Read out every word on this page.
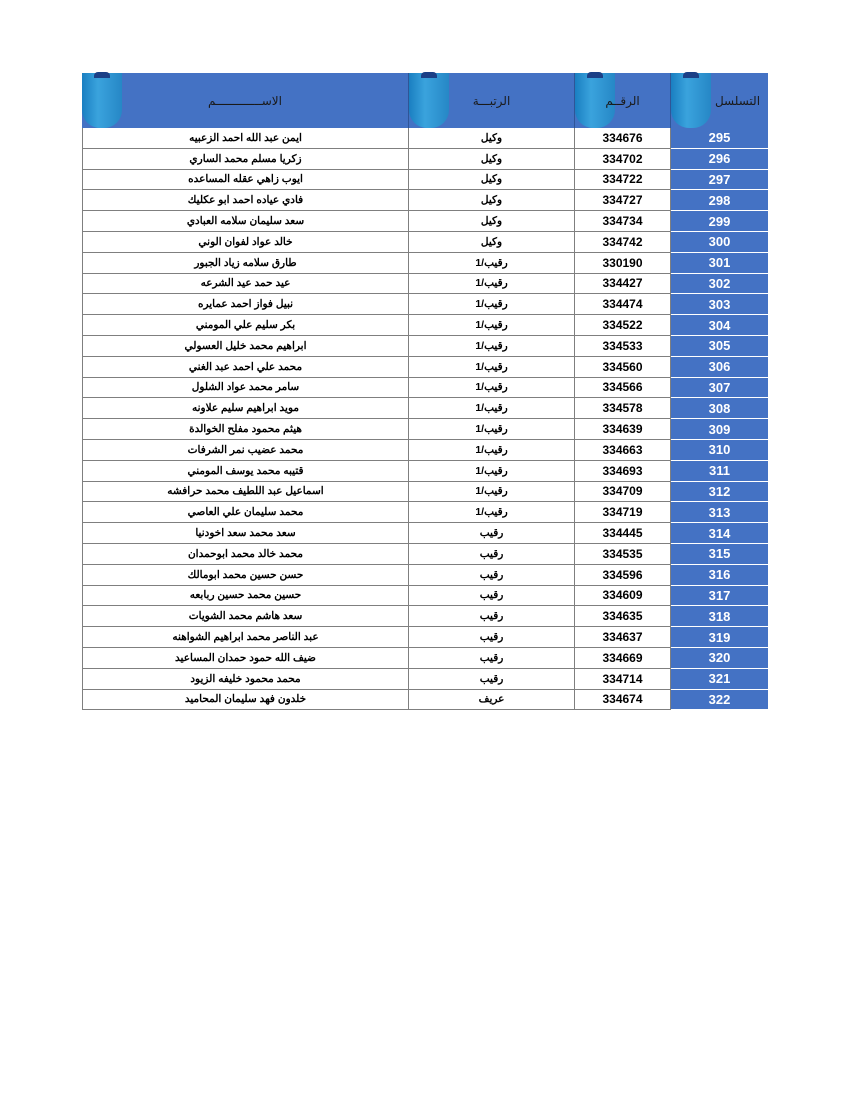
الاســـــــــــــم	الرتبـــة	الرقــم	التسلسل
ايمن عبد الله احمد الزعبيه	وكيل	334676	295
زكريا مسلم محمد الساري	وكيل	334702	296
ايوب زاهي عقله المساعده	وكيل	334722	297
فادي عياده احمد ابو عكليك	وكيل	334727	298
سعد سليمان سلامه العبادي	وكيل	334734	299
خالد عواد لفوان الوني	وكيل	334742	300
طارق سلامه زياد الجبور	رقيب/1	330190	301
عيد حمد عيد الشرعه	رقيب/1	334427	302
نبيل فواز احمد عمايره	رقيب/1	334474	303
بكر سليم علي المومني	رقيب/1	334522	304
ابراهيم محمد خليل العسولي	رقيب/1	334533	305
محمد علي احمد عبد الغني	رقيب/1	334560	306
سامر محمد عواد الشلول	رقيب/1	334566	307
مويد ابراهيم سليم علاونه	رقيب/1	334578	308
هيثم محمود مفلح الخوالدة	رقيب/1	334639	309
محمد عضيب نمر الشرفات	رقيب/1	334663	310
قتيبه محمد يوسف المومني	رقيب/1	334693	311
اسماعيل عبد اللطيف محمد حرافشه	رقيب/1	334709	312
محمد سليمان علي العاصي	رقيب/1	334719	313
سعد محمد سعد اخودنيا	رقيب	334445	314
محمد خالد محمد ابوحمدان	رقيب	334535	315
حسن حسين محمد ابومالك	رقيب	334596	316
حسين محمد حسين ربابعه	رقيب	334609	317
سعد هاشم محمد الشويات	رقيب	334635	318
عبد الناصر محمد ابراهيم الشواهنه	رقيب	334637	319
ضيف الله حمود حمدان المساعيد	رقيب	334669	320
محمد محمود خليفه الزيود	رقيب	334714	321
خلدون فهد سليمان المحاميد	عريف	334674	322
